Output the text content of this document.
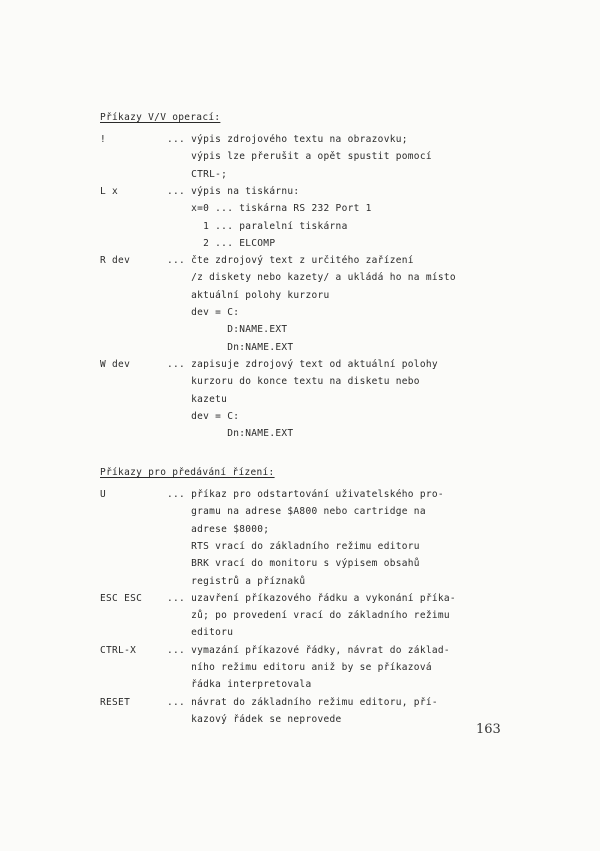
Příkazy V/V operací:
!	... výpis zdrojového textu na obrazovku;
výpis lze přerušit a opět spustit pomocí
CTRL-;
L x	... výpis na tiskárnu:
x=0 ... tiskárna RS 232 Port 1
1 ... paralelní tiskárna
2 ... ELCOMP
R dev	... čte zdrojový text z určitého zařízení
/z diskety nebo kazety/ a ukládá ho na místo
aktuální polohy kurzoru
dev = C:
D:NAME.EXT
Dn:NAME.EXT
W dev	... zapisuje zdrojový text od aktuální polohy
kurzoru do konce textu na disketu nebo
kazetu
dev = C:
Dn:NAME.EXT
Příkazy pro předávání řízení:
U	... příkaz pro odstartování uživatelského pro-
gramu na adrese $A800 nebo cartridge na
adrese $8000;
RTS vrací do základního režimu editoru
BRK vrací do monitoru s výpisem obsahů
registrů a příznaků
ESC ESC	... uzavření příkazového řádku a vykonání příka-
zů; po provedení vrací do základního režimu
editoru
CTRL-X	... vymazání příkazové řádky, návrat do základ-
ního režimu editoru aniž by se příkazová
řádka interpretovala
RESET	... návrat do základního režimu editoru, pří-
kazový řádek se neprovede
163
